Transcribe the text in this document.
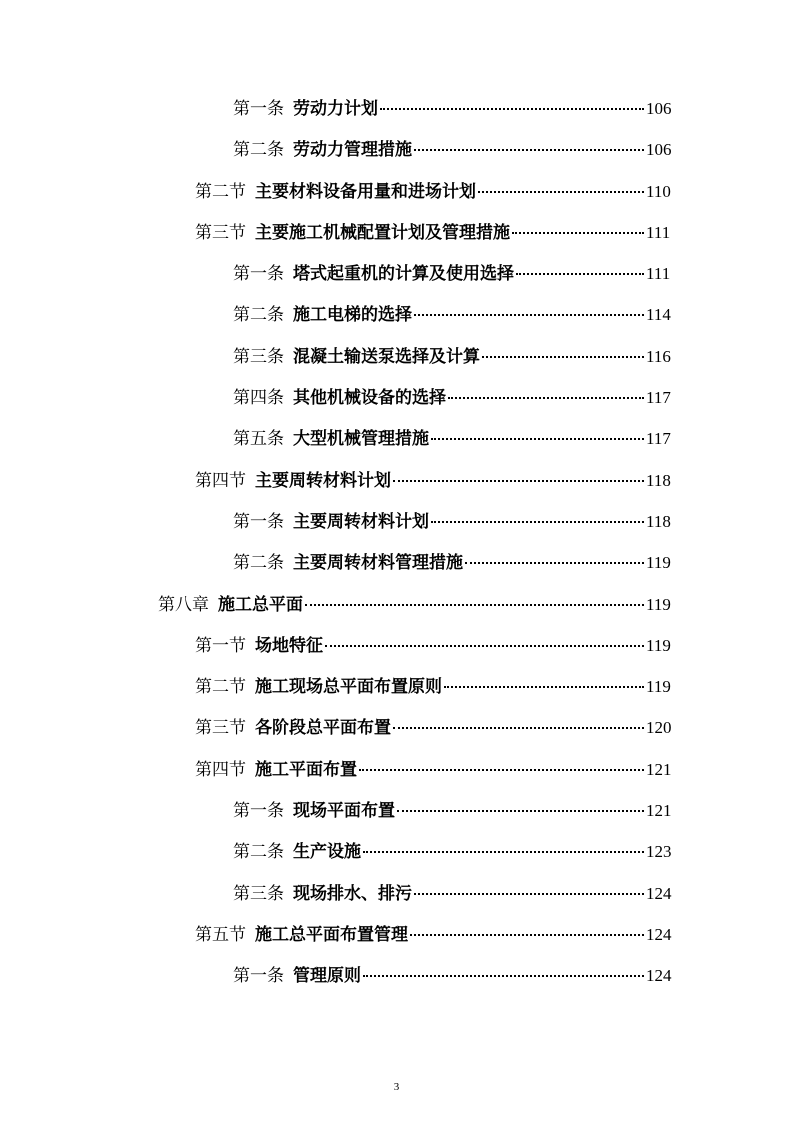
第一条 劳动力计划	106
第二条 劳动力管理措施	106
第二节 主要材料设备用量和进场计划	110
第三节 主要施工机械配置计划及管理措施	111
第一条 塔式起重机的计算及使用选择	111
第二条 施工电梯的选择	114
第三条 混凝土输送泵选择及计算	116
第四条 其他机械设备的选择	117
第五条 大型机械管理措施	117
第四节 主要周转材料计划	118
第一条 主要周转材料计划	118
第二条 主要周转材料管理措施	119
第八章 施工总平面	119
第一节 场地特征	119
第二节 施工现场总平面布置原则	119
第三节 各阶段总平面布置	120
第四节 施工平面布置	121
第一条 现场平面布置	121
第二条 生产设施	123
第三条 现场排水、排污	124
第五节 施工总平面布置管理	124
第一条 管理原则	124
3
